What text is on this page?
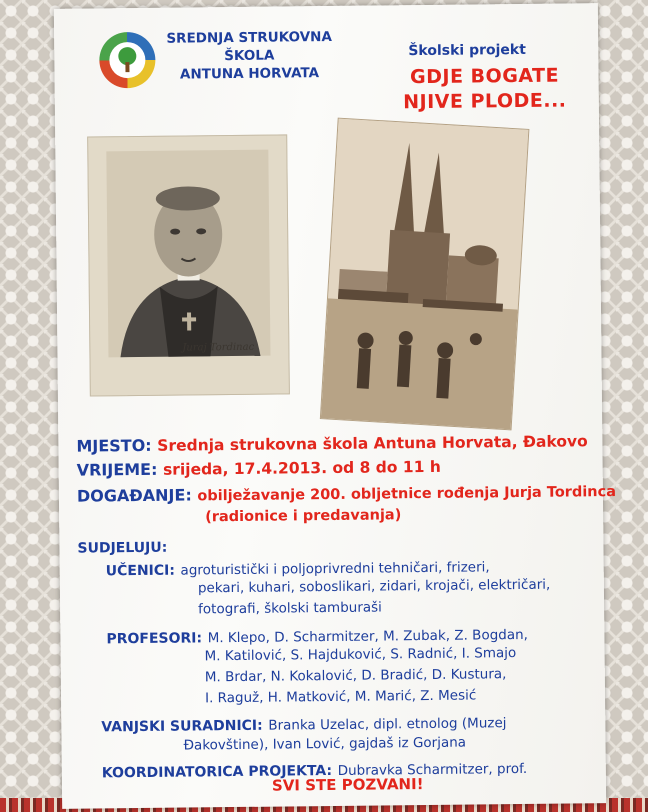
SREDNJA STRUKOVNA
ŠKOLA
ANTUNA HORVATA
Školski projekt
GDJE BOGATE
NJIVE PLODE...
Juraj Tordinac
MJESTO: Srednja strukovna škola Antuna Horvata, Đakovo
VRIJEME: srijeda, 17.4.2013. od 8 do 11 h
DOGAĐANJE: obilježavanje 200. obljetnice rođenja Jurja Tordinca
(radionice i predavanja)
SUDJELUJU:
UČENICI: agroturistički i poljoprivredni tehničari, frizeri,
pekari, kuhari, soboslikari, zidari, krojači, električari,
fotografi, školski tamburaši
PROFESORI: M. Klepo, D. Scharmitzer, M. Zubak, Z. Bogdan,
M. Katilović, S. Hajduković, S. Radnić, I. Smajo
M. Brdar, N. Kokalović, D. Bradić, D. Kustura,
I. Raguž, H. Matković, M. Marić, Z. Mesić
VANJSKI SURADNICI: Branka Uzelac, dipl. etnolog (Muzej
Đakovštine), Ivan Lović, gajdaš iz Gorjana
KOORDINATORICA PROJEKTA: Dubravka Scharmitzer, prof.
SVI STE POZVANI!
